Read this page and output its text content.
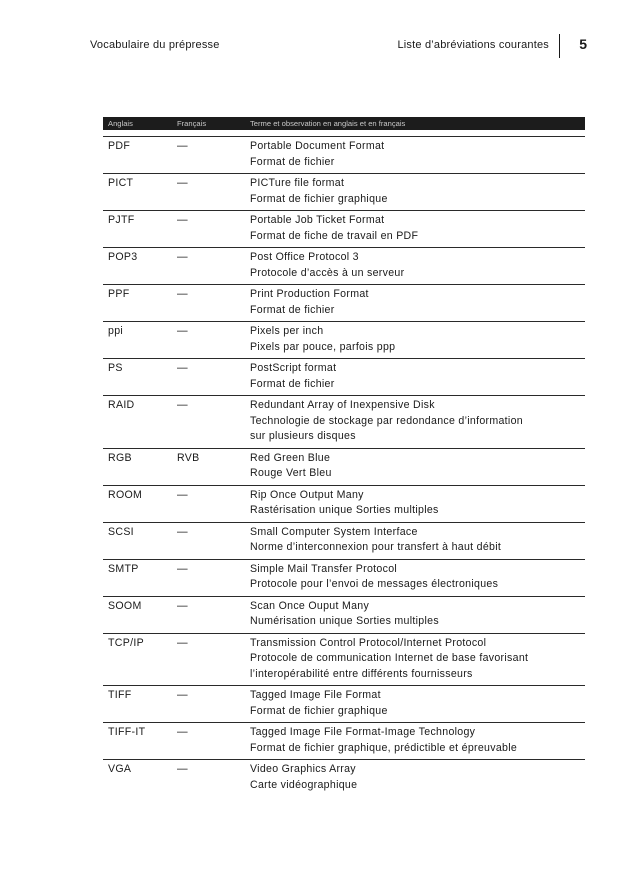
Vocabulaire du prépresse	Liste d’abréviations courantes 5
Anglais	Français	Terme et observation en anglais et en français
PDF	—	Portable Document Format
Format de fichier
PICT	—	PICTure file format
Format de fichier graphique
PJTF	—	Portable Job Ticket Format
Format de fiche de travail en PDF
POP3	—	Post Office Protocol 3
Protocole d’accès à un serveur
PPF	—	Print Production Format
Format de fichier
ppi	—	Pixels per inch
Pixels par pouce, parfois ppp
PS	—	PostScript format
Format de fichier
RAID	—	Redundant Array of Inexpensive Disk
Technologie de stockage par redondance d’information
sur plusieurs disques
RGB	RVB	Red Green Blue
Rouge Vert Bleu
ROOM	—	Rip Once Output Many
Rastérisation unique Sorties multiples
SCSI	—	Small Computer System Interface
Norme d’interconnexion pour transfert à haut débit
SMTP	—	Simple Mail Transfer Protocol
Protocole pour l’envoi de messages électroniques
SOOM	—	Scan Once Ouput Many
Numérisation unique Sorties multiples
TCP/IP	—	Transmission Control Protocol/Internet Protocol
Protocole de communication Internet de base favorisant
l’interopérabilité entre différents fournisseurs
TIFF	—	Tagged Image File Format
Format de fichier graphique
TIFF-IT	—	Tagged Image File Format-Image Technology
Format de fichier graphique, prédictible et épreuvable
VGA	—	Video Graphics Array
Carte vidéographique
